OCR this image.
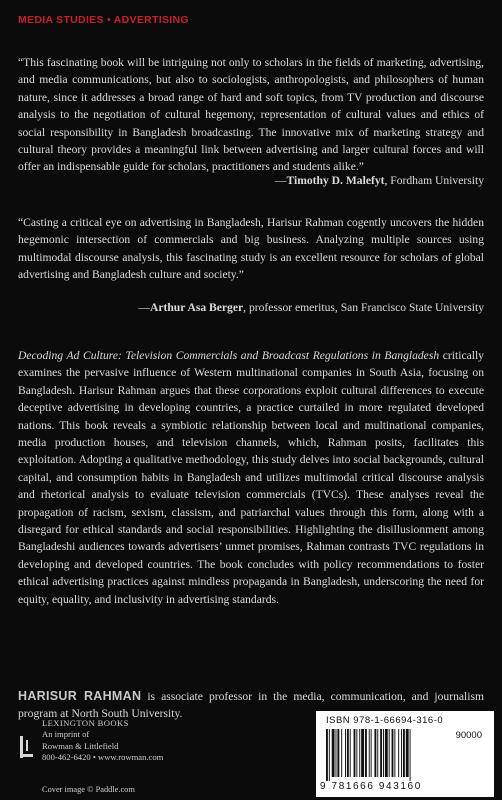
MEDIA STUDIES • ADVERTISING

“This fascinating book will be intriguing not only to scholars in the fields of marketing, advertising, and media communications, but also to sociologists, anthropologists, and philosophers of human nature, since it addresses a broad range of hard and soft topics, from TV production and discourse analysis to the negotiation of cultural hegemony, representation of cultural values and ethics of social responsibility in Bangladesh broadcasting. The innovative mix of marketing strategy and cultural theory provides a meaningful link between advertising and larger cultural forces and will offer an indispensable guide for scholars, practitioners and students alike.”

—Timothy D. Malefyt, Fordham University

“Casting a critical eye on advertising in Bangladesh, Harisur Rahman cogently uncovers the hidden hegemonic intersection of commercials and big business. Analyzing multiple sources using multimodal discourse analysis, this fascinating study is an excellent resource for scholars of global advertising and Bangladesh culture and society.”

—Arthur Asa Berger, professor emeritus, San Francisco State University

Decoding Ad Culture: Television Commercials and Broadcast Regulations in Bangladesh critically examines the pervasive influence of Western multinational companies in South Asia, focusing on Bangladesh. Harisur Rahman argues that these corporations exploit cultural differences to execute deceptive advertising in developing countries, a practice curtailed in more regulated developed nations. This book reveals a symbiotic relationship between local and multinational companies, media production houses, and television channels, which, Rahman posits, facilitates this exploitation. Adopting a qualitative methodology, this study delves into social backgrounds, cultural capital, and consumption habits in Bangladesh and utilizes multimodal critical discourse analysis and rhetorical analysis to evaluate television commercials (TVCs). These analyses reveal the propagation of racism, sexism, classism, and patriarchal values through this form, along with a disregard for ethical standards and social responsibilities. Highlighting the disillusionment among Bangladeshi audiences towards advertisers’ unmet promises, Rahman contrasts TVC regulations in developing and developed countries. The book concludes with policy recommendations to foster ethical advertising practices against mindless propaganda in Bangladesh, underscoring the need for equity, equality, and inclusivity in advertising standards.

HARISUR RAHMAN is associate professor in the media, communication, and journalism program at North South University.

LEXINGTON BOOKS
An imprint of
Rowman & Littlefield
800-462-6420 • www.rowman.com
Cover image © Paddle.com
ISBN 978-1-66694-316-0
90000
9 781666 943160
